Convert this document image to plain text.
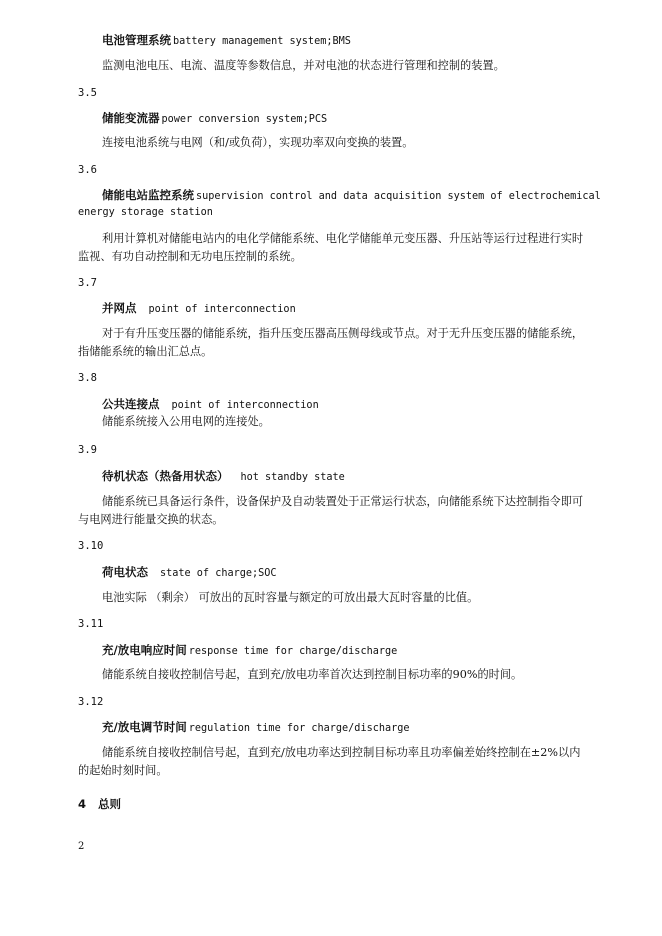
电池管理系统 battery management system;BMS
监测电池电压、电流、温度等参数信息，并对电池的状态进行管理和控制的装置。
3.5
储能变流器 power conversion system;PCS
连接电池系统与电网（和/或负荷），实现功率双向变换的装置。
3.6
储能电站监控系统 supervision control and data acquisition system of electrochemical
energy storage station
利用计算机对储能电站内的电化学储能系统、电化学储能单元变压器、升压站等运行过程进行实时
监视、有功自动控制和无功电压控制的系统。
3.7
并网点 point of interconnection
对于有升压变压器的储能系统，指升压变压器高压侧母线或节点。对于无升压变压器的储能系统，
指储能系统的输出汇总点。
3.8
公共连接点 point of interconnection
储能系统接入公用电网的连接处。
3.9
待机状态（热备用状态） hot standby state
储能系统已具备运行条件，设备保护及自动装置处于正常运行状态，向储能系统下达控制指令即可
与电网进行能量交换的状态。
3.10
荷电状态 state of charge;SOC
电池实际 （剩余） 可放出的瓦时容量与额定的可放出最大瓦时容量的比值。
3.11
充/放电响应时间 response time for charge/discharge
储能系统自接收控制信号起，直到充/放电功率首次达到控制目标功率的90%的时间。
3.12
充/放电调节时间 regulation time for charge/discharge
储能系统自接收控制信号起，直到充/放电功率达到控制目标功率且功率偏差始终控制在±2%以内
的起始时刻时间。
4 总则
2
